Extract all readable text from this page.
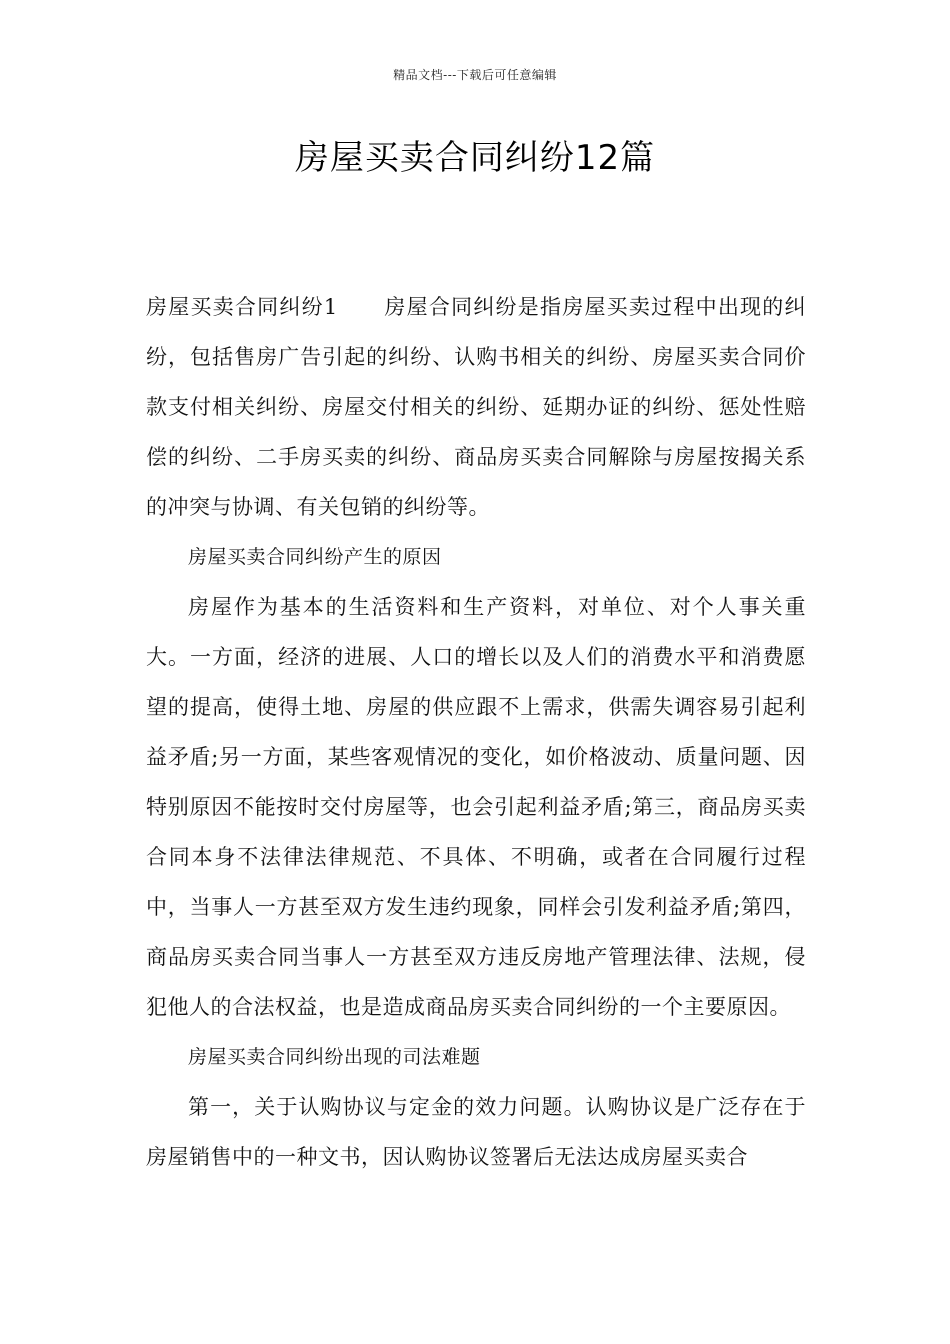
精品文档---下载后可任意编辑
房屋买卖合同纠纷12篇

房屋买卖合同纠纷1 房屋合同纠纷是指房屋买卖过程中出现的纠纷，包括售房广告引起的纠纷、认购书相关的纠纷、房屋买卖合同价款支付相关纠纷、房屋交付相关的纠纷、延期办证的纠纷、惩处性赔偿的纠纷、二手房买卖的纠纷、商品房买卖合同解除与房屋按揭关系的冲突与协调、有关包销的纠纷等。

房屋买卖合同纠纷产生的原因

房屋作为基本的生活资料和生产资料，对单位、对个人事关重大。一方面，经济的进展、人口的增长以及人们的消费水平和消费愿望的提高，使得土地、房屋的供应跟不上需求，供需失调容易引起利益矛盾;另一方面，某些客观情况的变化，如价格波动、质量问题、因特别原因不能按时交付房屋等，也会引起利益矛盾;第三，商品房买卖合同本身不法律法律规范、不具体、不明确，或者在合同履行过程中，当事人一方甚至双方发生违约现象，同样会引发利益矛盾;第四，商品房买卖合同当事人一方甚至双方违反房地产管理法律、法规，侵犯他人的合法权益，也是造成商品房买卖合同纠纷的一个主要原因。

房屋买卖合同纠纷出现的司法难题

第一，关于认购协议与定金的效力问题。认购协议是广泛存在于房屋销售中的一种文书，因认购协议签署后无法达成房屋买卖合
